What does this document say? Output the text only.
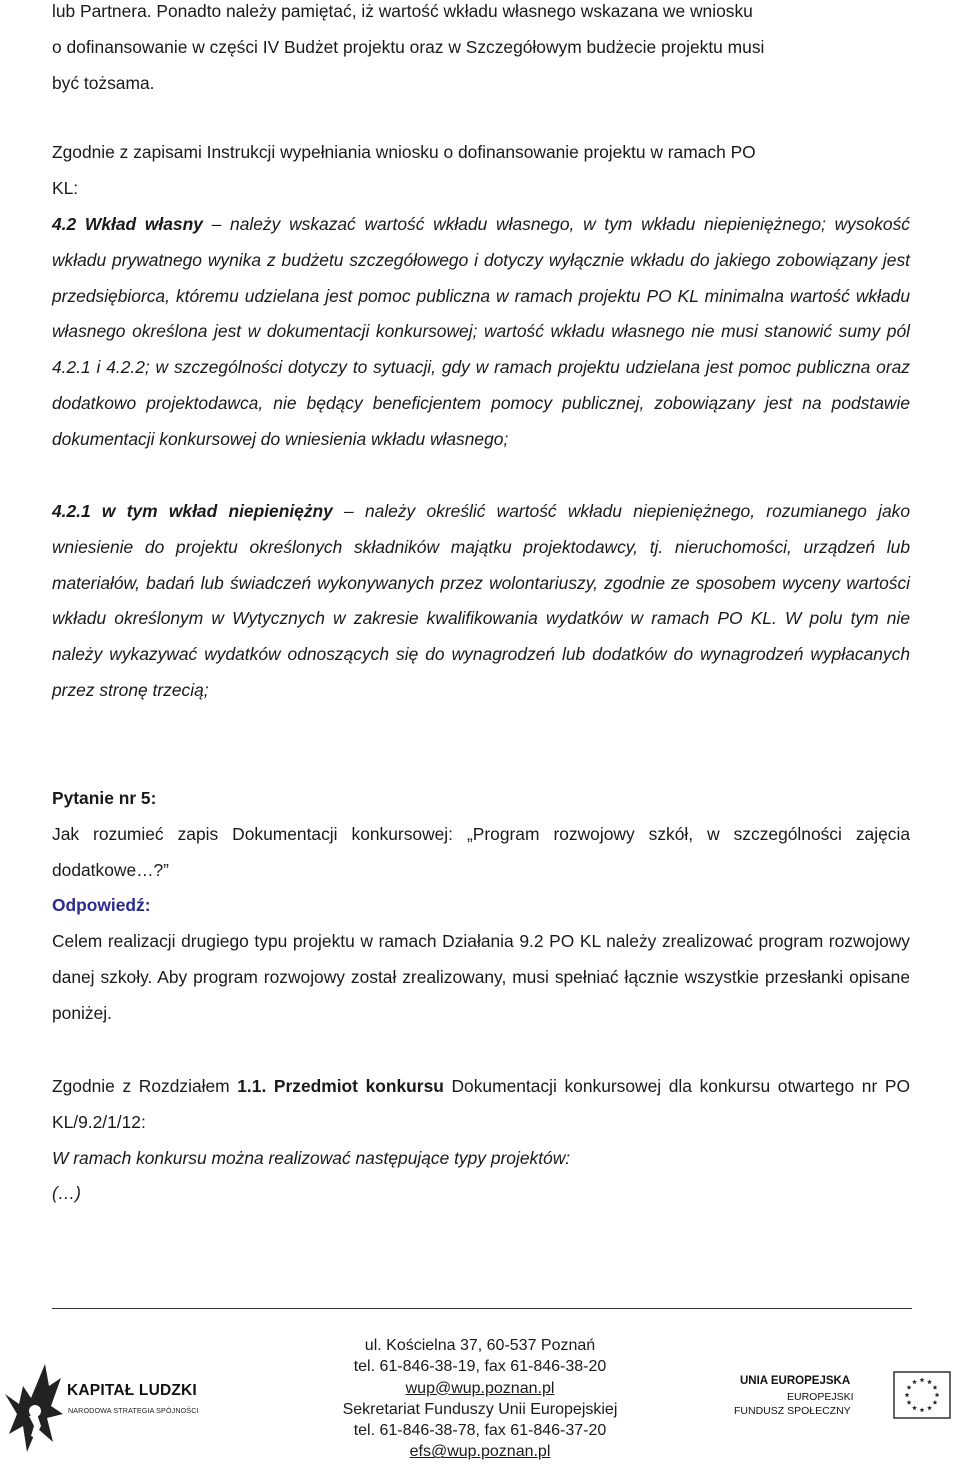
lub Partnera. Ponadto należy pamiętać, iż wartość wkładu własnego wskazana we wniosku
o dofinansowanie w części IV Budżet projektu oraz w Szczegółowym budżecie projektu musi
być tożsama.

Zgodnie z zapisami Instrukcji wypełniania wniosku o dofinansowanie projektu w ramach PO
KL:

4.2 Wkład własny – należy wskazać wartość wkładu własnego, w tym wkładu niepieniężnego; wysokość wkładu prywatnego wynika z budżetu szczegółowego i dotyczy wyłącznie wkładu do jakiego zobowiązany jest przedsiębiorca, któremu udzielana jest pomoc publiczna w ramach projektu PO KL minimalna wartość wkładu własnego określona jest w dokumentacji konkursowej; wartość wkładu własnego nie musi stanowić sumy pól 4.2.1 i 4.2.2; w szczególności dotyczy to sytuacji, gdy w ramach projektu udzielana jest pomoc publiczna oraz dodatkowo projektodawca, nie będący beneficjentem pomocy publicznej, zobowiązany jest na podstawie dokumentacji konkursowej do wniesienia wkładu własnego;

4.2.1 w tym wkład niepieniężny – należy określić wartość wkładu niepieniężnego, rozumianego jako wniesienie do projektu określonych składników majątku projektodawcy, tj. nieruchomości, urządzeń lub materiałów, badań lub świadczeń wykonywanych przez wolontariuszy, zgodnie ze sposobem wyceny wartości wkładu określonym w Wytycznych w zakresie kwalifikowania wydatków w ramach PO KL. W polu tym nie należy wykazywać wydatków odnoszących się do wynagrodzeń lub dodatków do wynagrodzeń wypłacanych przez stronę trzecią;

Pytanie nr 5:
Jak rozumieć zapis Dokumentacji konkursowej: „Program rozwojowy szkół, w szczególności zajęcia dodatkowe…?”
Odpowiedź:
Celem realizacji drugiego typu projektu w ramach Działania 9.2 PO KL należy zrealizować program rozwojowy danej szkoły. Aby program rozwojowy został zrealizowany, musi spełniać łącznie wszystkie przesłanki opisane poniżej.

Zgodnie z Rozdziałem 1.1. Przedmiot konkursu Dokumentacji konkursowej dla konkursu otwartego nr PO KL/9.2/1/12:
W ramach konkursu można realizować następujące typy projektów:
(…)

KAPITAŁ LUDZKI
NARODOWA STRATEGIA SPÓJNOŚCI
ul. Kościelna 37, 60-537 Poznań
tel. 61-846-38-19, fax 61-846-38-20
wup@wup.poznan.pl
Sekretariat Funduszy Unii Europejskiej
tel. 61-846-38-78, fax 61-846-37-20
efs@wup.poznan.pl
UNIA EUROPEJSKA
EUROPEJSKI
FUNDUSZ SPOŁECZNY
